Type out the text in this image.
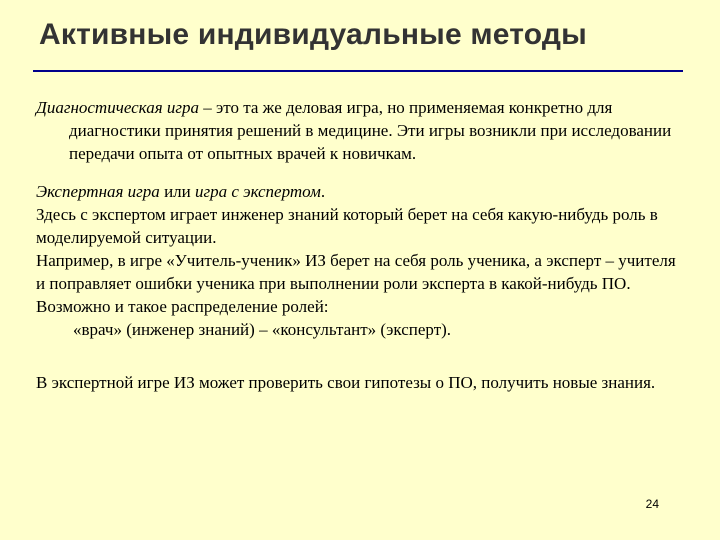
Активные индивидуальные методы

Диагностическая игра – это та же деловая игра, но применяемая конкретно для диагностики принятия решений в медицине. Эти игры возникли при исследовании передачи опыта от опытных врачей к новичкам.

Экспертная игра или игра с экспертом.

Здесь с экспертом играет инженер знаний который берет на себя какую-нибудь роль в моделируемой ситуации.

Например, в игре «Учитель-ученик» ИЗ берет на себя роль ученика, а эксперт – учителя и поправляет ошибки ученика при выполнении роли эксперта в какой-нибудь ПО.

Возможно и такое распределение ролей:

«врач» (инженер знаний) – «консультант» (эксперт).

В экспертной игре ИЗ может проверить свои гипотезы о ПО, получить новые знания.

24
